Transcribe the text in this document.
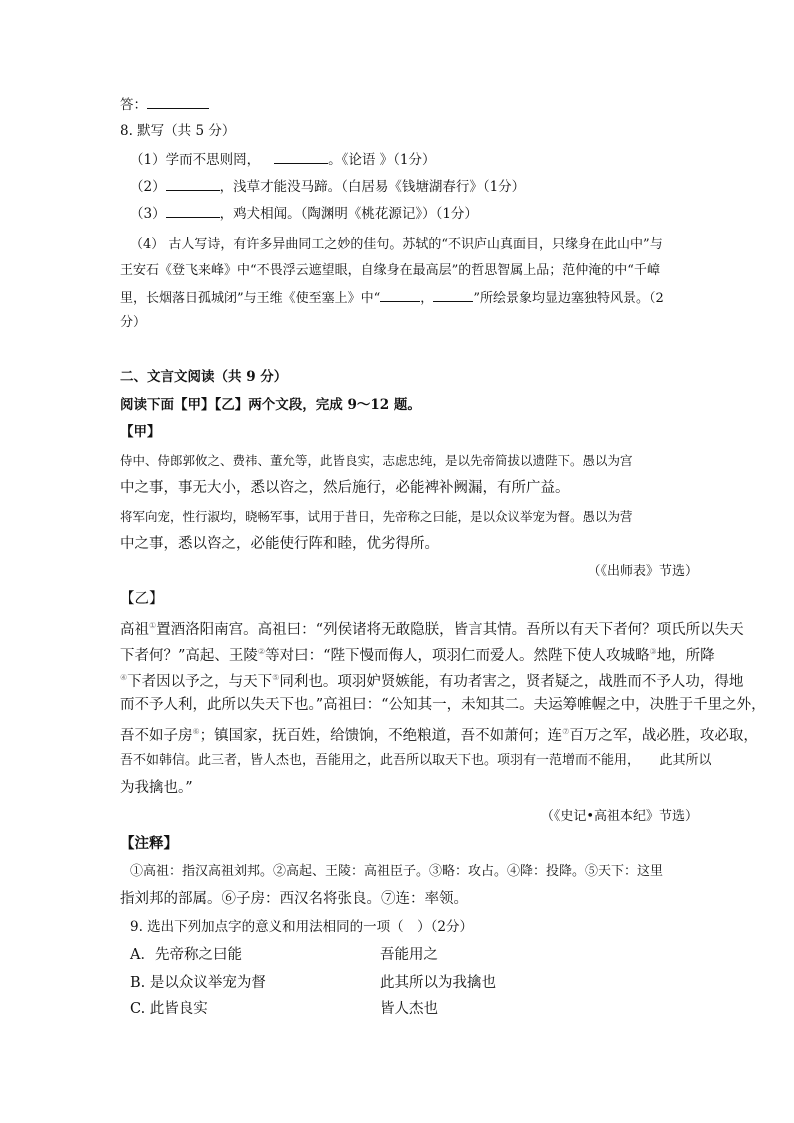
答：
8. 默写（共 5 分）
（1）学而不思则罔，	。《论语 》（1分）
（2）	，浅草才能没马蹄。（白居易《钱塘湖春行》（1分）
（3）	，鸡犬相闻。（陶渊明《桃花源记》）（1分）
（4） 古人写诗，有许多异曲同工之妙的佳句。苏轼的“不识庐山真面目，只缘身在此山中”与
王安石《登飞来峰》中“不畏浮云遮望眼，自缘身在最高层”的哲思智属上品；范仲淹的中“千嶂
里，长烟落日孤城闭”与王维《使至塞上》中“	，	”所绘景象均显边塞独特风景。（2
分）
二、文言文阅读（共 9 分）
阅读下面【甲】【乙】两个文段，完成 9～12 题。
【甲】
侍中、侍郎郭攸之、费祎、董允等，此皆良实，志虑忠纯，是以先帝简拔以遗陛下。愚以为宫
中之事，事无大小，悉以咨之，然后施行，必能裨补阙漏，有所广益。
将军向宠，性行淑均，晓畅军事，试用于昔日，先帝称之曰能，是以众议举宠为督。愚以为营
中之事，悉以咨之，必能使行阵和睦，优劣得所。
（《出师表》节选）
【乙】
高祖①置酒洛阳南宫。高祖曰：“列侯诸将无敢隐朕，皆言其情。吾所以有天下者何？项氏所以失天
下者何？”高起、王陵②等对曰：“陛下慢而侮人，项羽仁而爱人。然陛下使人攻城略③地，所降
④下者因以予之，与天下⑤同利也。项羽妒贤嫉能，有功者害之，贤者疑之，战胜而不予人功，得地
而不予人利，此所以失天下也。”高祖曰：“公知其一，未知其二。夫运筹帷幄之中，决胜于千里之外，
吾不如子房⑥；镇国家，抚百姓，给馈饷，不绝粮道，吾不如萧何；连⑦百万之军，战必胜，攻必取，
吾不如韩信。此三者，皆人杰也，吾能用之，此吾所以取天下也。项羽有一范增而不能用，　　此其所以
为我擒也。”
（《史记•高祖本纪》节选）
【注释】
①高祖：指汉高祖刘邦。②高起、王陵：高祖臣子。③略：攻占。④降：投降。⑤天下：这里
指刘邦的部属。⑥子房：西汉名将张良。⑦连：率领。
9. 选出下列加点字的意义和用法相同的一项（　）（2分）
A．先帝称之曰能	吾能用之
B. 是以众议举宠为督	此其所以为我擒也
C. 此皆良实	皆人杰也
